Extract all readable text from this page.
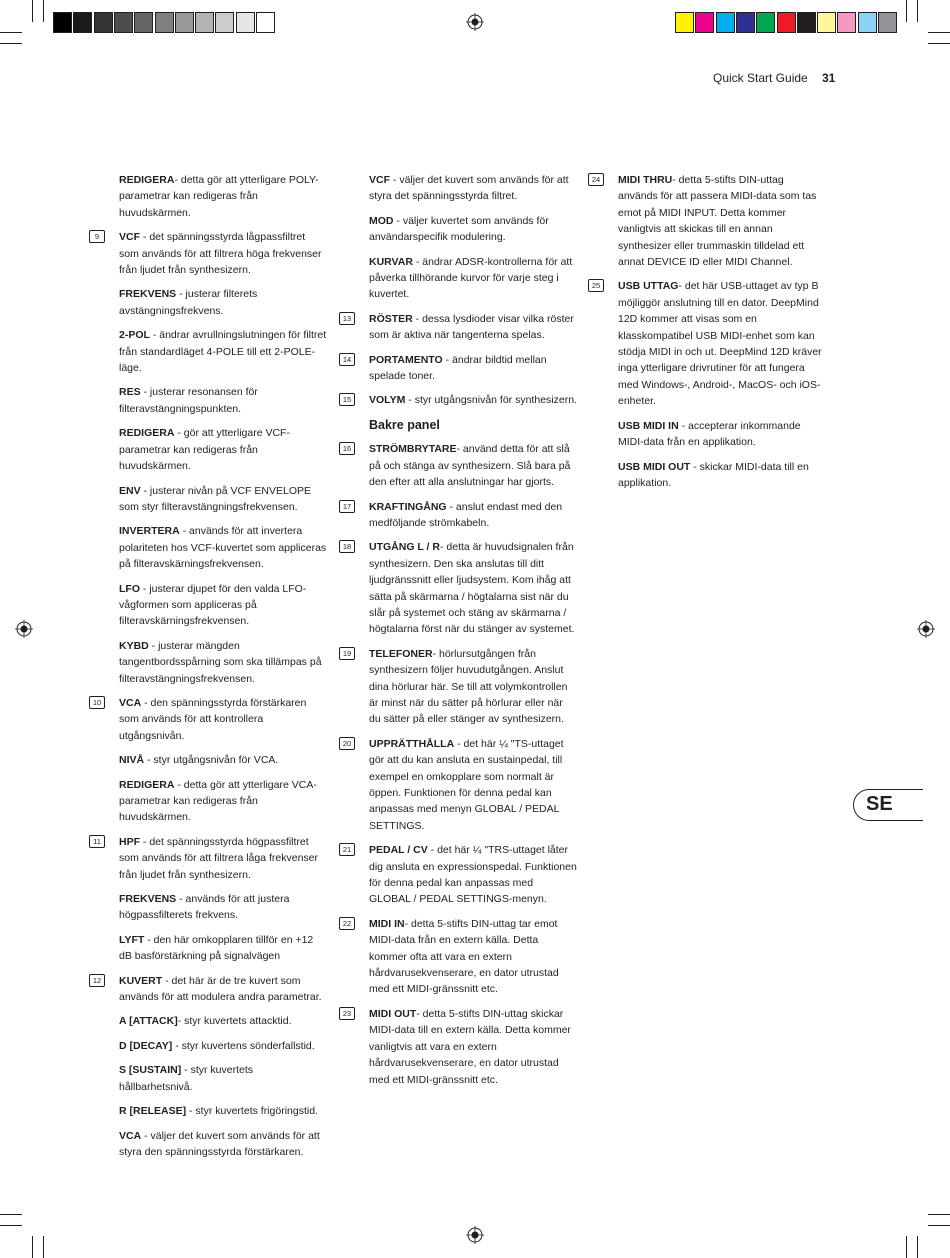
Quick Start Guide 31

REDIGERA- detta gör att ytterligare POLY-parametrar kan redigeras från huvudskärmen.

9	VCF - det spänningsstyrda lågpassfiltret som används för att filtrera höga frekvenser från ljudet från synthesizern.

FREKVENS - justerar filterets avstängningsfrekvens.

2-POL - ändrar avrullningslutningen för filtret från standardläget 4-POLE till ett 2-POLE-läge.

RES - justerar resonansen för filteravstängningspunkten.

REDIGERA - gör att ytterligare VCF-parametrar kan redigeras från huvudskärmen.

ENV - justerar nivån på VCF ENVELOPE som styr filteravstängningsfrekvensen.

INVERTERA - används för att invertera polariteten hos VCF-kuvertet som appliceras på filteravskärningsfrekvensen.

LFO - justerar djupet för den valda LFO-vågformen som appliceras på filteravskärningsfrekvensen.

KYBD - justerar mängden tangentbordsspårning som ska tillämpas på filteravstängningsfrekvensen.

10	VCA - den spänningsstyrda förstärkaren som används för att kontrollera utgångsnivån.

NIVÅ - styr utgångsnivån för VCA.

REDIGERA - detta gör att ytterligare VCA-parametrar kan redigeras från huvudskärmen.

11	HPF - det spänningsstyrda högpassfiltret som används för att filtrera låga frekvenser från ljudet från synthesizern.

FREKVENS - används för att justera högpassfilterets frekvens.

LYFT - den här omkopplaren tillför en +12 dB basförstärkning på signalvägen

12	KUVERT - det här är de tre kuvert som används för att modulera andra parametrar.

A [ATTACK]- styr kuvertets attacktid.

D [DECAY] - styr kuvertens sönderfallstid.

S [SUSTAIN] - styr kuvertets hållbarhetsnivå.

R [RELEASE] - styr kuvertets frigöringstid.

VCA - väljer det kuvert som används för att styra den spänningsstyrda förstärkaren.

VCF - väljer det kuvert som används för att styra det spänningsstyrda filtret.

MOD - väljer kuvertet som används för användarspecifik modulering.

KURVAR - ändrar ADSR-kontrollerna för att påverka tillhörande kurvor för varje steg i kuvertet.

13	RÖSTER - dessa lysdioder visar vilka röster som är aktiva när tangenterna spelas.

14	PORTAMENTO - ändrar bildtid mellan spelade toner.

15	VOLYM - styr utgångsnivån för synthesizern.

Bakre panel

16	STRÖMBRYTARE- använd detta för att slå på och stänga av synthesizern. Slå bara på den efter att alla anslutningar har gjorts.

17	KRAFTINGÅNG - anslut endast med den medföljande strömkabeln.

18	UTGÅNG L / R- detta är huvudsignalen från synthesizern. Den ska anslutas till ditt ljudgränssnitt eller ljudsystem. Kom ihåg att sätta på skärmarna / högtalarna sist när du slår på systemet och stäng av skärmarna / högtalarna först när du stänger av systemet.

19	TELEFONER- hörlursutgången från synthesizern följer huvudutgången. Anslut dina hörlurar här. Se till att volymkontrollen är minst när du sätter på hörlurar eller när du sätter på eller stänger av synthesizern.

20	UPPRÄTTHÅLLA - det här ¼ "TS-uttaget gör att du kan ansluta en sustainpedal, till exempel en omkopplare som normalt är öppen. Funktionen för denna pedal kan anpassas med menyn GLOBAL / PEDAL SETTINGS.

21	PEDAL / CV - det här ¼ "TRS-uttaget låter dig ansluta en expressionspedal. Funktionen för denna pedal kan anpassas med GLOBAL / PEDAL SETTINGS-menyn.

22	MIDI IN- detta 5-stifts DIN-uttag tar emot MIDI-data från en extern källa. Detta kommer ofta att vara en extern hårdvarusekvenserare, en dator utrustad med ett MIDI-gränssnitt etc.

23	MIDI OUT- detta 5-stifts DIN-uttag skickar MIDI-data till en extern källa. Detta kommer vanligtvis att vara en extern hårdvarusekvenserare, en dator utrustad med ett MIDI-gränssnitt etc.

24	MIDI THRU- detta 5-stifts DIN-uttag används för att passera MIDI-data som tas emot på MIDI INPUT. Detta kommer vanligtvis att skickas till en annan synthesizer eller trummaskin tilldelad ett annat DEVICE ID eller MIDI Channel.

25	USB UTTAG- det här USB-uttaget av typ B möjliggör anslutning till en dator. DeepMind 12D kommer att visas som en klasskompatibel USB MIDI-enhet som kan stödja MIDI in och ut. DeepMind 12D kräver inga ytterligare drivrutiner för att fungera med Windows-, Android-, MacOS- och iOS-enheter.

USB MIDI IN - accepterar inkommande MIDI-data från en applikation.

USB MIDI OUT - skickar MIDI-data till en applikation.

SE
